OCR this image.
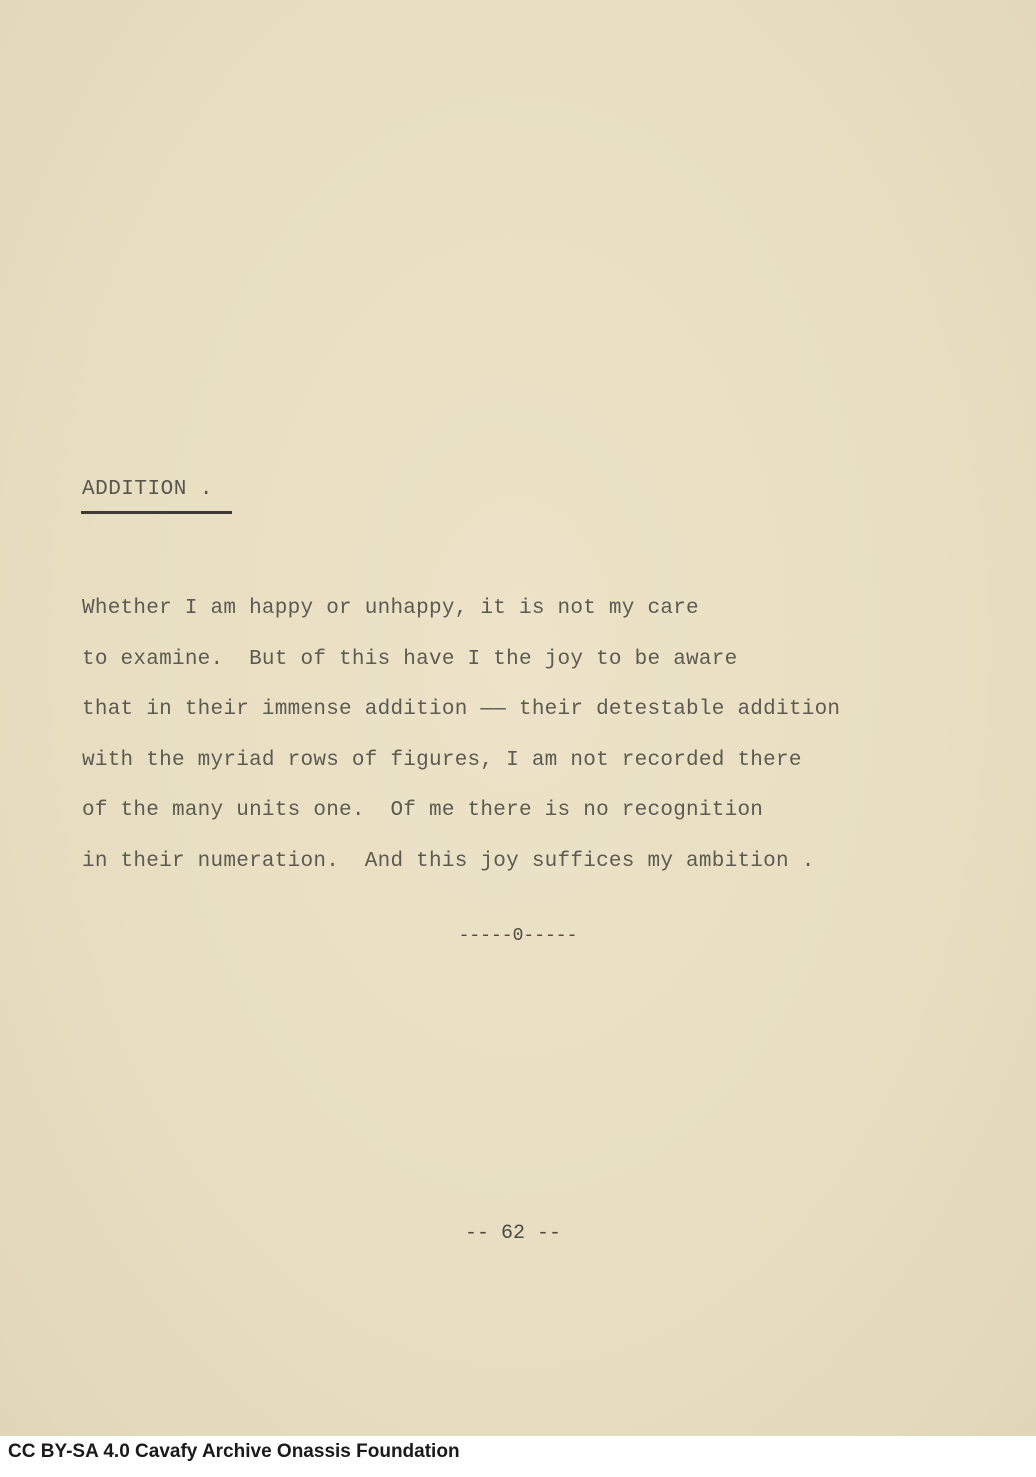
ADDITION .
Whether I am happy or unhappy, it is not my care
to examine.  But of this have I the joy to be aware
that in their immense addition —— their detestable addition
with the myriad rows of figures, I am not recorded there
of the many units one.  Of me there is no recognition
in their numeration.  And this joy suffices my ambition .
-----0-----
-- 62 --
CC BY-SA 4.0 Cavafy Archive Onassis Foundation
